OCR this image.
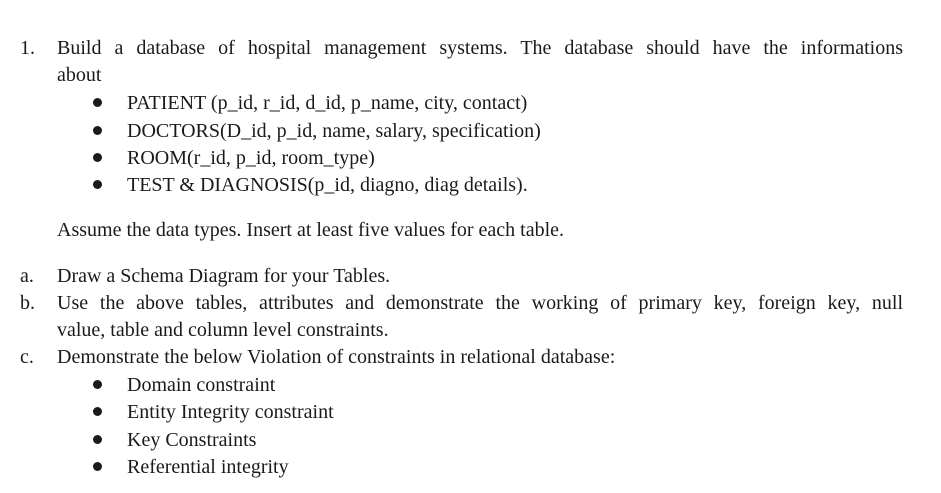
1. Build a database of hospital management systems. The database should have the informations
about
PATIENT (p_id, r_id, d_id, p_name, city, contact)
DOCTORS(D_id, p_id, name, salary, specification)
ROOM(r_id, p_id, room_type)
TEST & DIAGNOSIS(p_id, diagno, diag details).
Assume the data types. Insert at least five values for each table.
a. Draw a Schema Diagram for your Tables.
b. Use the above tables, attributes and demonstrate the working of primary key, foreign key, null
value, table and column level constraints.
c. Demonstrate the below Violation of constraints in relational database:
Domain constraint
Entity Integrity constraint
Key Constraints
Referential integrity
